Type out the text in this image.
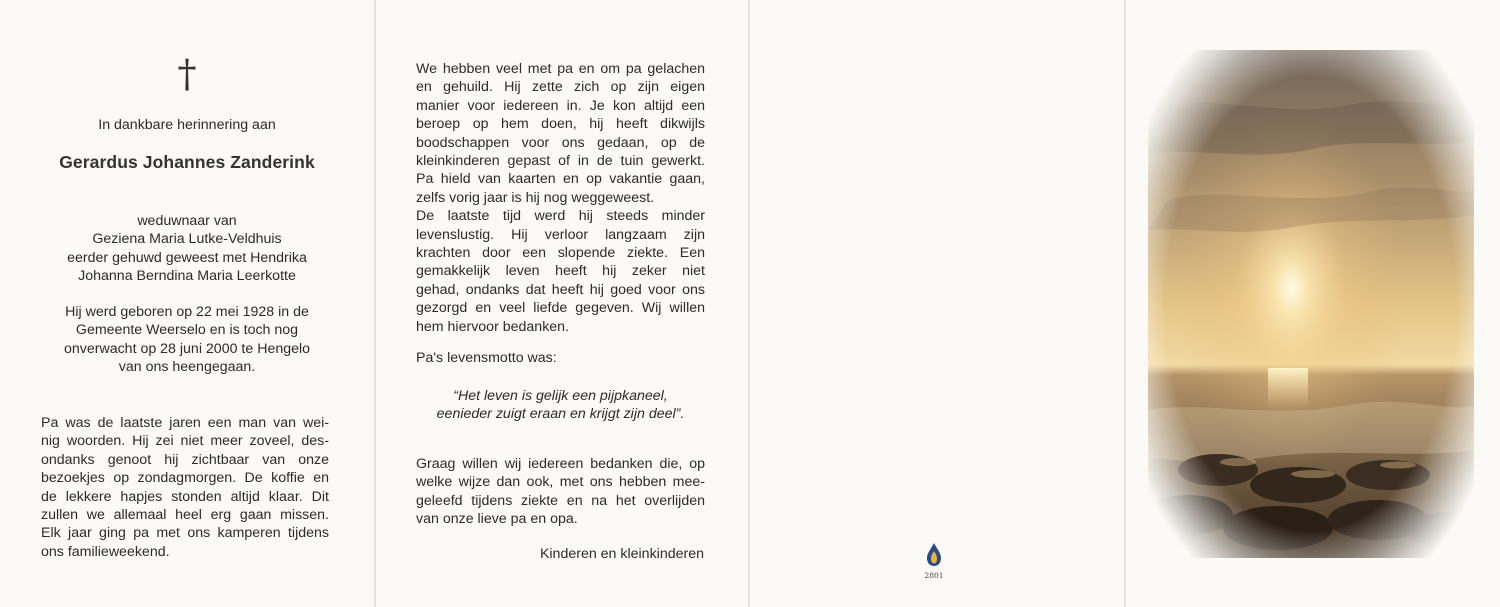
†
In dankbare herinnering aan
Gerardus Johannes Zanderink
weduwnaar van
Geziena Maria Lutke-Veldhuis
eerder gehuwd geweest met Hendrika
Johanna Berndina Maria Leerkotte
Hij werd geboren op 22 mei 1928 in de
Gemeente Weerselo en is toch nog
onverwacht op 28 juni 2000 te Hengelo
van ons heengegaan.
Pa was de laatste jaren een man van wei-
nig woorden. Hij zei niet meer zoveel, des-
ondanks genoot hij zichtbaar van onze
bezoekjes op zondagmorgen. De koffie en
de lekkere hapjes stonden altijd klaar. Dit
zullen we allemaal heel erg gaan missen.
Elk jaar ging pa met ons kamperen tijdens
ons familieweekend.
We hebben veel met pa en om pa gelachen
en gehuild. Hij zette zich op zijn eigen
manier voor iedereen in. Je kon altijd een
beroep op hem doen, hij heeft dikwijls
boodschappen voor ons gedaan, op de
kleinkinderen gepast of in de tuin gewerkt.
Pa hield van kaarten en op vakantie gaan,
zelfs vorig jaar is hij nog weggeweest.
De laatste tijd werd hij steeds minder
levenslustig. Hij verloor langzaam zijn
krachten door een slopende ziekte. Een
gemakkelijk leven heeft hij zeker niet
gehad, ondanks dat heeft hij goed voor ons
gezorgd en veel liefde gegeven. Wij willen
hem hiervoor bedanken.
Pa's levensmotto was:
“Het leven is gelijk een pijpkaneel,
eenieder zuigt eraan en krijgt zijn deel”.
Graag willen wij iedereen bedanken die, op
welke wijze dan ook, met ons hebben mee-
geleefd tijdens ziekte en na het overlijden
van onze lieve pa en opa.
Kinderen en kleinkinderen
2801
